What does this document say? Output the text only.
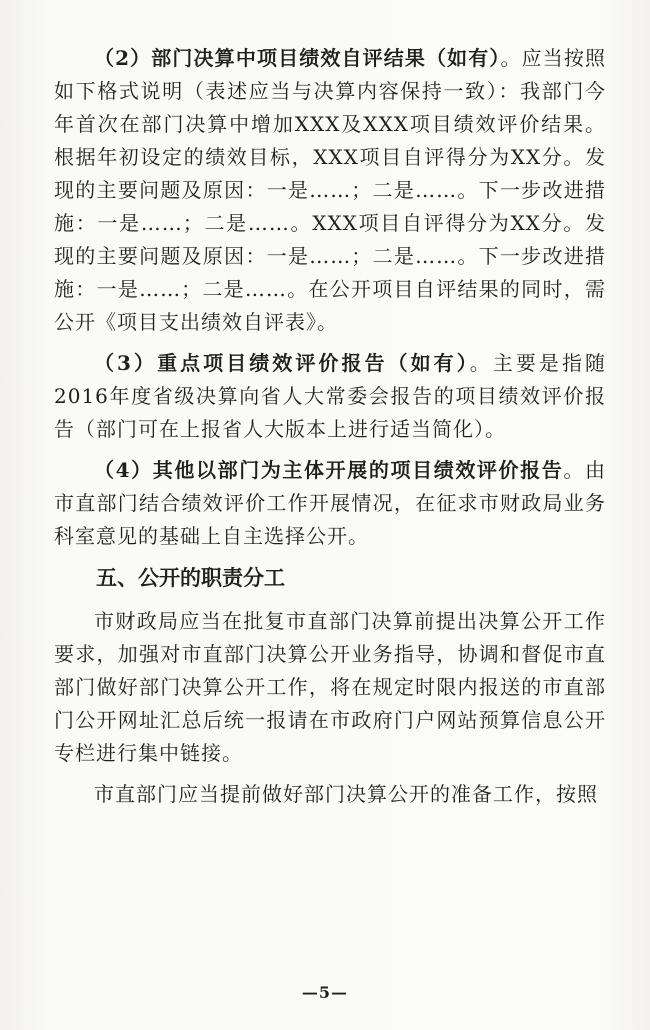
（2）部门决算中项目绩效自评结果（如有）。应当按照如下格式说明（表述应当与决算内容保持一致）：我部门今年首次在部门决算中增加XXX及XXX项目绩效评价结果。根据年初设定的绩效目标，XXX项目自评得分为XX分。发现的主要问题及原因：一是……；二是……。下一步改进措施：一是……；二是……。XXX项目自评得分为XX分。发现的主要问题及原因：一是……；二是……。下一步改进措施：一是……；二是……。在公开项目自评结果的同时，需公开《项目支出绩效自评表》。

（3）重点项目绩效评价报告（如有）。主要是指随2016年度省级决算向省人大常委会报告的项目绩效评价报告（部门可在上报省人大版本上进行适当简化）。

（4）其他以部门为主体开展的项目绩效评价报告。由市直部门结合绩效评价工作开展情况，在征求市财政局业务科室意见的基础上自主选择公开。

五、公开的职责分工

市财政局应当在批复市直部门决算前提出决算公开工作要求，加强对市直部门决算公开业务指导，协调和督促市直部门做好部门决算公开工作，将在规定时限内报送的市直部门公开网址汇总后统一报请在市政府门户网站预算信息公开专栏进行集中链接。

市直部门应当提前做好部门决算公开的准备工作，按照

—5—
